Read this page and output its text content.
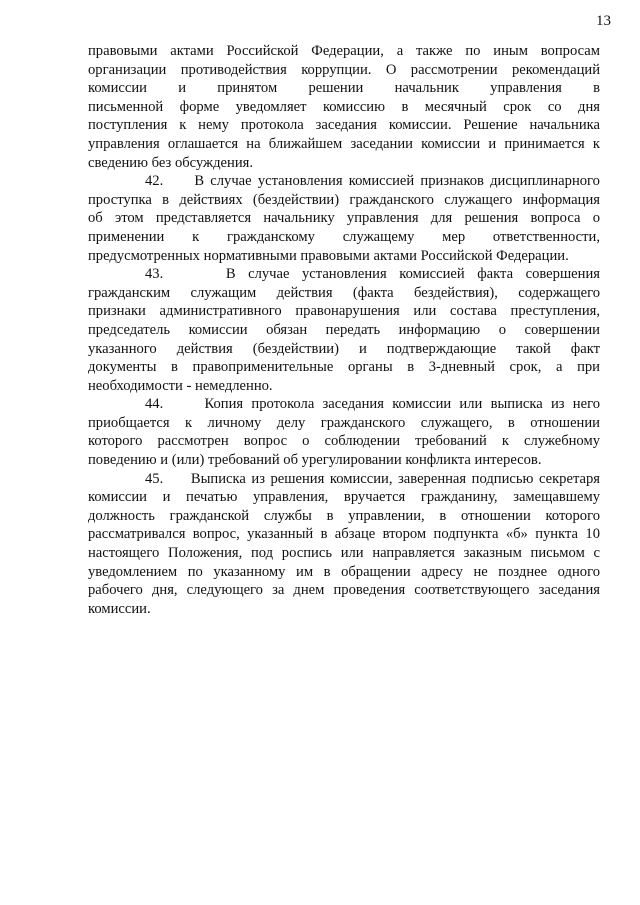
13
правовыми актами Российской Федерации, а также по иным вопросам
организации противодействия коррупции. О рассмотрении рекомендаций
комиссии и принятом решении начальник управления в
письменной форме уведомляет комиссию в месячный срок со дня
поступления к нему протокола заседания комиссии. Решение начальника
управления оглашается на ближайшем заседании комиссии и принимается к
сведению без обсуждения.
42. В случае установления комиссией признаков дисциплинарного
проступка в действиях (бездействии) гражданского служащего информация
об этом представляется начальнику управления для решения вопроса о
применении к гражданскому служащему мер ответственности,
предусмотренных нормативными правовыми актами Российской Федерации.
43.	В случае установления комиссией факта совершения
гражданским служащим действия (факта бездействия), содержащего
признаки административного правонарушения или состава преступления,
председатель комиссии обязан передать информацию о совершении
указанного действия (бездействии) и подтверждающие такой факт
документы в правоприменительные органы в 3-дневный срок, а при
необходимости - немедленно.
44.	Копия протокола заседания комиссии или выписка из него
приобщается к личному делу гражданского служащего, в отношении
которого рассмотрен вопрос о соблюдении требований к служебному
поведению и (или) требований об урегулировании конфликта интересов.
45. Выписка из решения комиссии, заверенная подписью секретаря
комиссии и печатью управления, вручается гражданину, замещавшему
должность гражданской службы в управлении, в отношении которого
рассматривался вопрос, указанный в абзаце втором подпункта «б» пункта 10
настоящего Положения, под роспись или направляется заказным письмом с
уведомлением по указанному им в обращении адресу не позднее одного
рабочего дня, следующего за днем проведения соответствующего заседания
комиссии.
